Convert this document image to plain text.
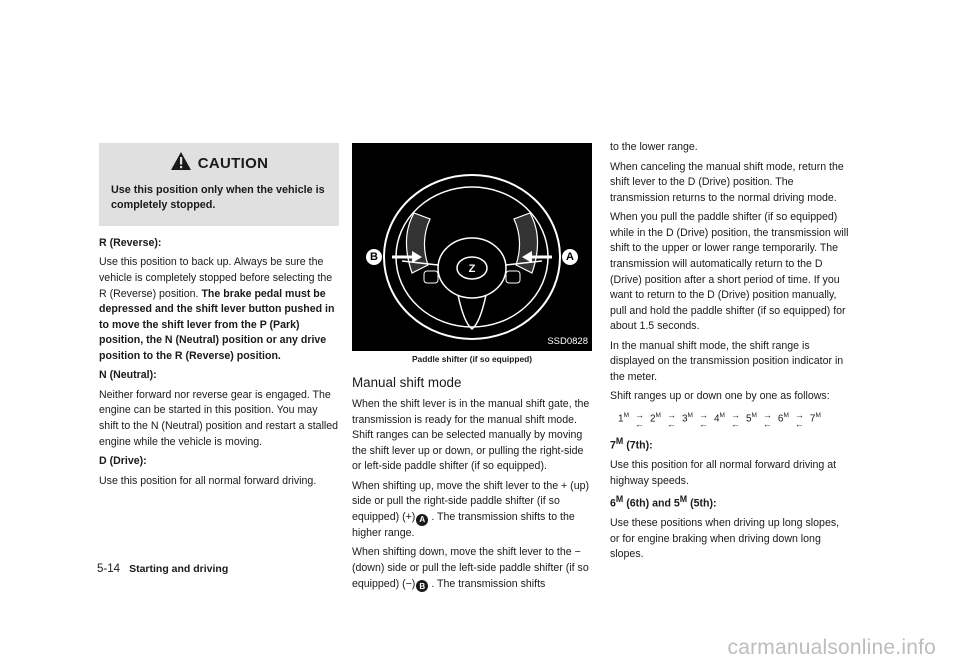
CAUTION
Use this position only when the vehicle is completely stopped.

R (Reverse):

Use this position to back up. Always be sure the vehicle is completely stopped before selecting the R (Reverse) position. The brake pedal must be depressed and the shift lever button pushed in to move the shift lever from the P (Park) position, the N (Neutral) position or any drive position to the R (Reverse) position.

N (Neutral):

Neither forward nor reverse gear is engaged. The engine can be started in this position. You may shift to the N (Neutral) position and restart a stalled engine while the vehicle is moving.

D (Drive):

Use this position for all normal forward driving.

Z
B	A
SSD0828
Paddle shifter (if so equipped)
Manual shift mode

When the shift lever is in the manual shift gate, the transmission is ready for the manual shift mode. Shift ranges can be selected manually by moving the shift lever up or down, or pulling the right-side or left-side paddle shifter (if so equipped).

When shifting up, move the shift lever to the + (up) side or pull the right-side paddle shifter (if so equipped) (+) A . The transmission shifts to the higher range.

When shifting down, move the shift lever to the − (down) side or pull the left-side paddle shifter (if so equipped) (−) B . The transmission shifts

to the lower range.

When canceling the manual shift mode, return the shift lever to the D (Drive) position. The transmission returns to the normal driving mode.

When you pull the paddle shifter (if so equipped) while in the D (Drive) position, the transmission will shift to the upper or lower range temporarily. The transmission will automatically return to the D (Drive) position after a short period of time. If you want to return to the D (Drive) position manually, pull and hold the paddle shifter (if so equipped) for about 1.5 seconds.

In the manual shift mode, the shift range is displayed on the transmission position indicator in the meter.

Shift ranges up or down one by one as follows:

$1^M$ →
← $2^M$ →
← $3^M$ →
← $4^M$ →
← $5^M$ →
← $6^M$ →
← $7^M$

$7^M$ (7th):

Use this position for all normal forward driving at highway speeds.

$6^M$ (6th) and $5^M$ (5th):

Use these positions when driving up long slopes, or for engine braking when driving down long slopes.

5-14 Starting and driving
carmanualsonline.info
